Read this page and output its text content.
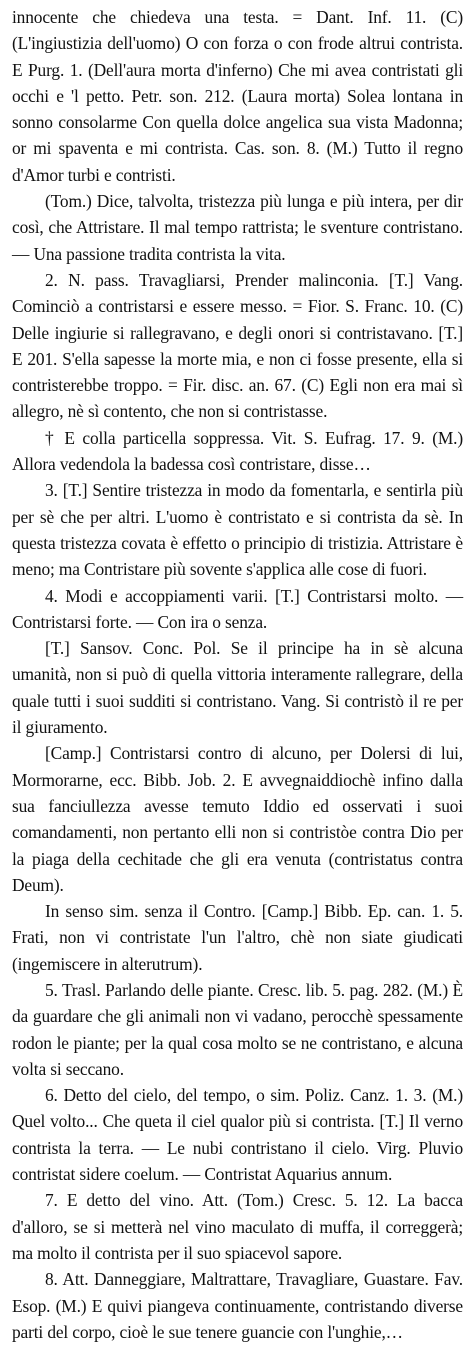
innocente che chiedeva una testa. = Dant. Inf. 11. (C) (L'ingiustizia dell'uomo) O con forza o con frode altrui contrista. E Purg. 1. (Dell'aura morta d'inferno) Che mi avea contristati gli occhi e 'l petto. Petr. son. 212. (Laura morta) Solea lontana in sonno consolarme Con quella dolce angelica sua vista Madonna; or mi spaventa e mi contrista. Cas. son. 8. (M.) Tutto il regno d'Amor turbi e contristi.

(Tom.) Dice, talvolta, tristezza più lunga e più intera, per dir così, che Attristare. Il mal tempo rattrista; le sventure contristano. — Una passione tradita contrista la vita.

2. N. pass. Travagliarsi, Prender malinconia. [T.] Vang. Cominciò a contristarsi e essere messo. = Fior. S. Franc. 10. (C) Delle ingiurie si rallegravano, e degli onori si contristavano. [T.] E 201. S'ella sapesse la morte mia, e non ci fosse presente, ella si contristerebbe troppo. = Fir. disc. an. 67. (C) Egli non era mai sì allegro, nè sì contento, che non si contristasse.

† E colla particella soppressa. Vit. S. Eufrag. 17. 9. (M.) Allora vedendola la badessa così contristare, disse…

3. [T.] Sentire tristezza in modo da fomentarla, e sentirla più per sè che per altri. L'uomo è contristato e si contrista da sè. In questa tristezza covata è effetto o principio di tristizia. Attristare è meno; ma Contristare più sovente s'applica alle cose di fuori.

4. Modi e accoppiamenti varii. [T.] Contristarsi molto. — Contristarsi forte. — Con ira o senza.

[T.] Sansov. Conc. Pol. Se il principe ha in sè alcuna umanità, non si può di quella vittoria interamente rallegrare, della quale tutti i suoi sudditi si contristano. Vang. Si contristò il re per il giuramento.

[Camp.] Contristarsi contro di alcuno, per Dolersi di lui, Mormorarne, ecc. Bibb. Job. 2. E avvegnaiddiochè infino dalla sua fanciullezza avesse temuto Iddio ed osservati i suoi comandamenti, non pertanto elli non si contristòe contra Dio per la piaga della cechitade che gli era venuta (contristatus contra Deum).

In senso sim. senza il Contro. [Camp.] Bibb. Ep. can. 1. 5. Frati, non vi contristate l'un l'altro, chè non siate giudicati (ingemiscere in alterutrum).

5. Trasl. Parlando delle piante. Cresc. lib. 5. pag. 282. (M.) È da guardare che gli animali non vi vadano, perocchè spessamente rodon le piante; per la qual cosa molto se ne contristano, e alcuna volta si seccano.

6. Detto del cielo, del tempo, o sim. Poliz. Canz. 1. 3. (M.) Quel volto... Che queta il ciel qualor più si contrista. [T.] Il verno contrista la terra. — Le nubi contristano il cielo. Virg. Pluvio contristat sidere coelum. — Contristat Aquarius annum.

7. E detto del vino. Att. (Tom.) Cresc. 5. 12. La bacca d'alloro, se si metterà nel vino maculato di muffa, il correggerà; ma molto il contrista per il suo spiacevol sapore.

8. Att. Danneggiare, Maltrattare, Travagliare, Guastare. Fav. Esop. (M.) E quivi piangeva continuamente, contristando diverse parti del corpo, cioè le sue tenere guancie con l'unghie,…
